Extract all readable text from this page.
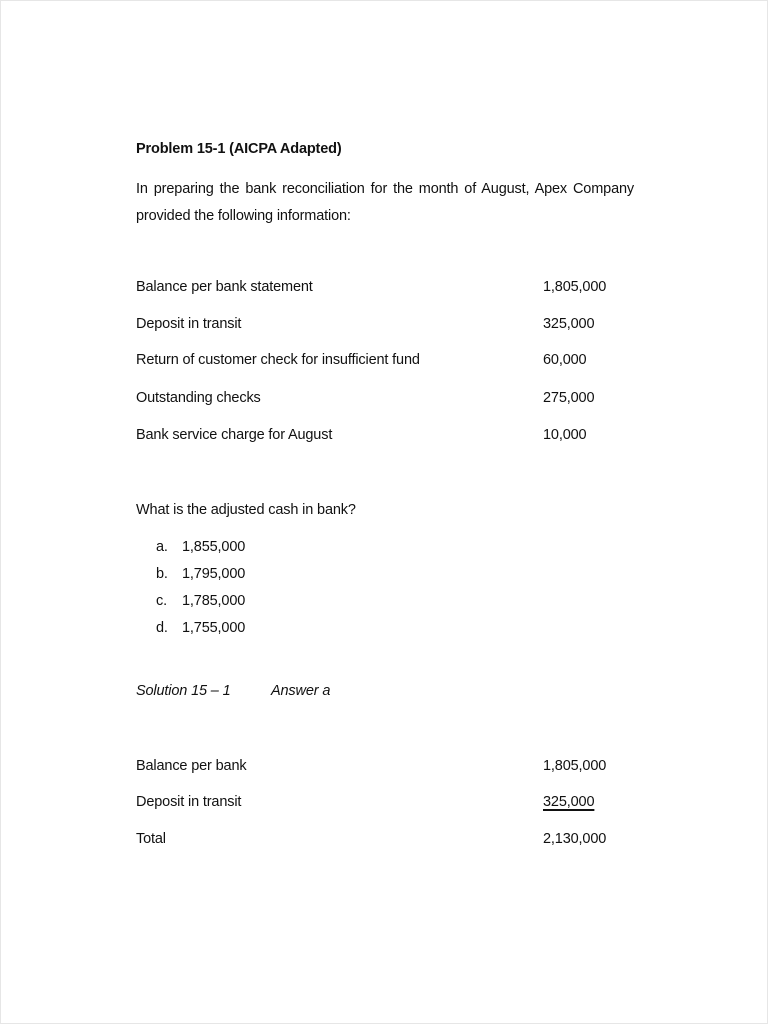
Problem 15-1 (AICPA Adapted)
In preparing the bank reconciliation for the month of August, Apex Company provided the following information:
Balance per bank statement	1,805,000
Deposit in transit	325,000
Return of customer check for insufficient fund	60,000
Outstanding checks	275,000
Bank service charge for August	10,000
What is the adjusted cash in bank?
a. 1,855,000
b. 1,795,000
c. 1,785,000
d. 1,755,000
Solution 15 – 1	Answer a
Balance per bank	1,805,000
Deposit in transit	325,000
Total	2,130,000
